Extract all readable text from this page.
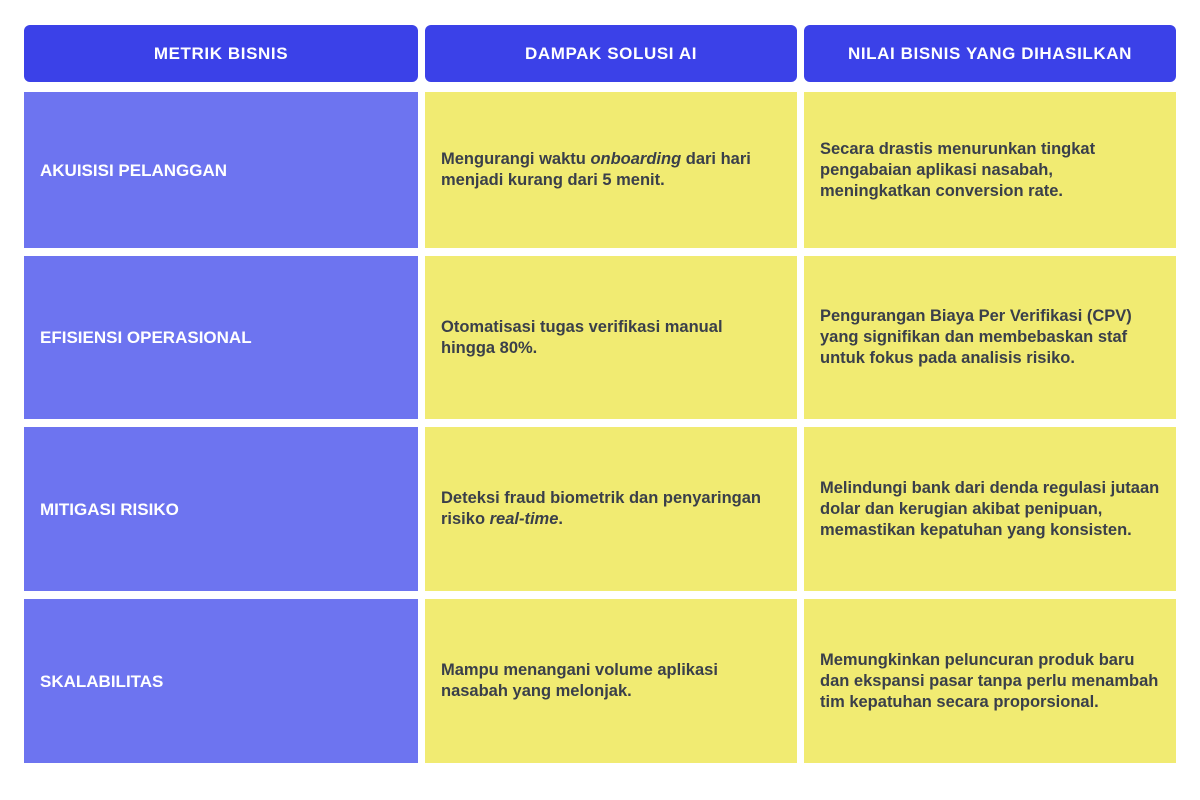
METRIK BISNIS	DAMPAK SOLUSI AI	NILAI BISNIS YANG DIHASILKAN
AKUISISI PELANGGAN
Mengurangi waktu onboarding dari hari menjadi kurang dari 5 menit.
Secara drastis menurunkan tingkat pengabaian aplikasi nasabah, meningkatkan conversion rate.
EFISIENSI OPERASIONAL
Otomatisasi tugas verifikasi manual hingga 80%.
Pengurangan Biaya Per Verifikasi (CPV) yang signifikan dan membebaskan staf untuk fokus pada analisis risiko.
MITIGASI RISIKO
Deteksi fraud biometrik dan penyaringan risiko real-time.
Melindungi bank dari denda regulasi jutaan dolar dan kerugian akibat penipuan, memastikan kepatuhan yang konsisten.
SKALABILITAS
Mampu menangani volume aplikasi nasabah yang melonjak.
Memungkinkan peluncuran produk baru dan ekspansi pasar tanpa perlu menambah tim kepatuhan secara proporsional.
